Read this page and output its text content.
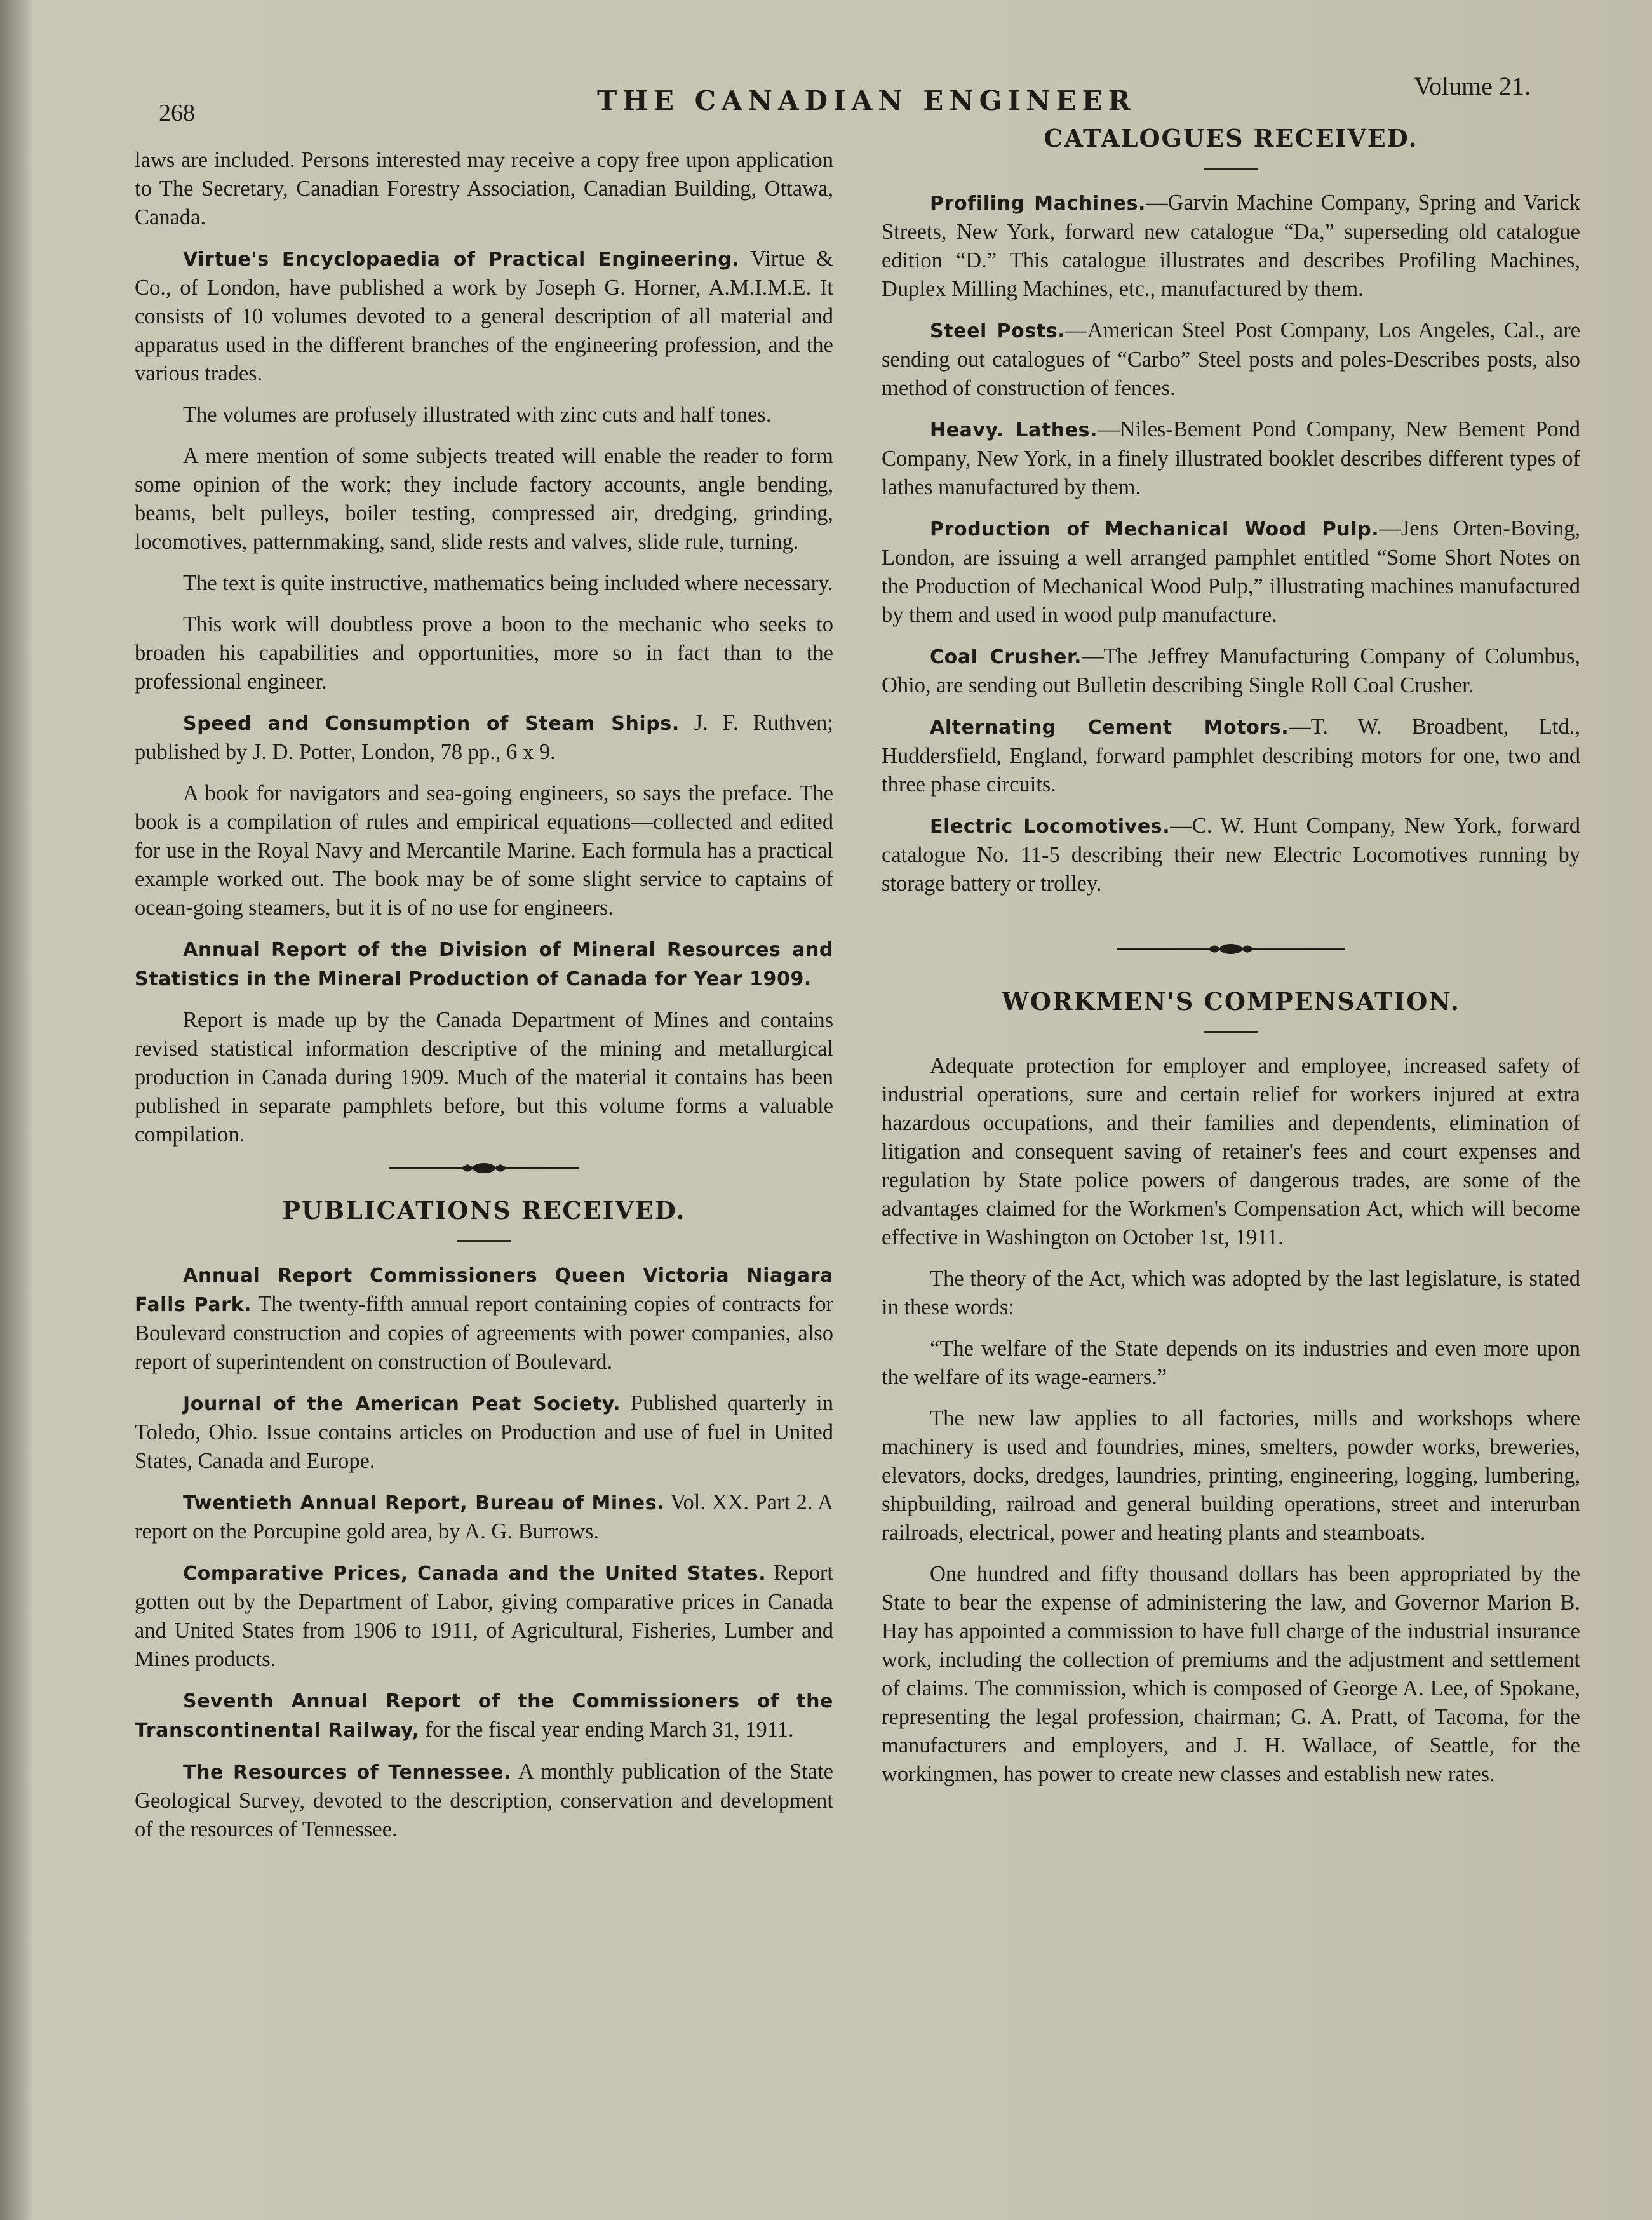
268	THE CANADIAN ENGINEER	Volume 21.

laws are included. Persons interested may receive a copy free upon application to The Secretary, Canadian Forestry Association, Canadian Building, Ottawa, Canada.

Virtue's Encyclopaedia of Practical Engineering. Virtue & Co., of London, have published a work by Joseph G. Horner, A.M.I.M.E. It consists of 10 volumes devoted to a general description of all material and apparatus used in the different branches of the engineering profession, and the various trades.

The volumes are profusely illustrated with zinc cuts and half tones.

A mere mention of some subjects treated will enable the reader to form some opinion of the work; they include factory accounts, angle bending, beams, belt pulleys, boiler testing, compressed air, dredging, grinding, locomotives, patternmaking, sand, slide rests and valves, slide rule, turning.

The text is quite instructive, mathematics being included where necessary.

This work will doubtless prove a boon to the mechanic who seeks to broaden his capabilities and opportunities, more so in fact than to the professional engineer.

Speed and Consumption of Steam Ships. J. F. Ruthven; published by J. D. Potter, London, 78 pp., 6 x 9.

A book for navigators and sea-going engineers, so says the preface. The book is a compilation of rules and empirical equations—collected and edited for use in the Royal Navy and Mercantile Marine. Each formula has a practical example worked out. The book may be of some slight service to captains of ocean-going steamers, but it is of no use for engineers.

Annual Report of the Division of Mineral Resources and Statistics in the Mineral Production of Canada for Year 1909.

Report is made up by the Canada Department of Mines and contains revised statistical information descriptive of the mining and metallurgical production in Canada during 1909. Much of the material it contains has been published in separate pamphlets before, but this volume forms a valuable compilation.

PUBLICATIONS RECEIVED.

Annual Report Commissioners Queen Victoria Niagara Falls Park. The twenty-fifth annual report containing copies of contracts for Boulevard construction and copies of agreements with power companies, also report of superintendent on construction of Boulevard.

Journal of the American Peat Society. Published quarterly in Toledo, Ohio. Issue contains articles on Production and use of fuel in United States, Canada and Europe.

Twentieth Annual Report, Bureau of Mines. Vol. XX. Part 2. A report on the Porcupine gold area, by A. G. Burrows.

Comparative Prices, Canada and the United States. Report gotten out by the Department of Labor, giving comparative prices in Canada and United States from 1906 to 1911, of Agricultural, Fisheries, Lumber and Mines products.

Seventh Annual Report of the Commissioners of the Transcontinental Railway, for the fiscal year ending March 31, 1911.

The Resources of Tennessee. A monthly publication of the State Geological Survey, devoted to the description, conservation and development of the resources of Tennessee.

CATALOGUES RECEIVED.

Profiling Machines.—Garvin Machine Company, Spring and Varick Streets, New York, forward new catalogue “Da,” superseding old catalogue edition “D.” This catalogue illustrates and describes Profiling Machines, Duplex Milling Machines, etc., manufactured by them.

Steel Posts.—American Steel Post Company, Los Angeles, Cal., are sending out catalogues of “Carbo” Steel posts and poles-Describes posts, also method of construction of fences.

Heavy. Lathes.—Niles-Bement Pond Company, New Bement Pond Company, New York, in a finely illustrated booklet describes different types of lathes manufactured by them.

Production of Mechanical Wood Pulp.—Jens Orten-Boving, London, are issuing a well arranged pamphlet entitled “Some Short Notes on the Production of Mechanical Wood Pulp,” illustrating machines manufactured by them and used in wood pulp manufacture.

Coal Crusher.—The Jeffrey Manufacturing Company of Columbus, Ohio, are sending out Bulletin describing Single Roll Coal Crusher.

Alternating Cement Motors.—T. W. Broadbent, Ltd., Huddersfield, England, forward pamphlet describing motors for one, two and three phase circuits.

Electric Locomotives.—C. W. Hunt Company, New York, forward catalogue No. 11-5 describing their new Electric Locomotives running by storage battery or trolley.

WORKMEN'S COMPENSATION.

Adequate protection for employer and employee, increased safety of industrial operations, sure and certain relief for workers injured at extra hazardous occupations, and their families and dependents, elimination of litigation and consequent saving of retainer's fees and court expenses and regulation by State police powers of dangerous trades, are some of the advantages claimed for the Workmen's Compensation Act, which will become effective in Washington on October 1st, 1911.

The theory of the Act, which was adopted by the last legislature, is stated in these words:

“The welfare of the State depends on its industries and even more upon the welfare of its wage-earners.”

The new law applies to all factories, mills and workshops where machinery is used and foundries, mines, smelters, powder works, breweries, elevators, docks, dredges, laundries, printing, engineering, logging, lumbering, shipbuilding, railroad and general building operations, street and interurban railroads, electrical, power and heating plants and steamboats.

One hundred and fifty thousand dollars has been appropriated by the State to bear the expense of administering the law, and Governor Marion B. Hay has appointed a commission to have full charge of the industrial insurance work, including the collection of premiums and the adjustment and settlement of claims. The commission, which is composed of George A. Lee, of Spokane, representing the legal profession, chairman; G. A. Pratt, of Tacoma, for the manufacturers and employers, and J. H. Wallace, of Seattle, for the workingmen, has power to create new classes and establish new rates.
